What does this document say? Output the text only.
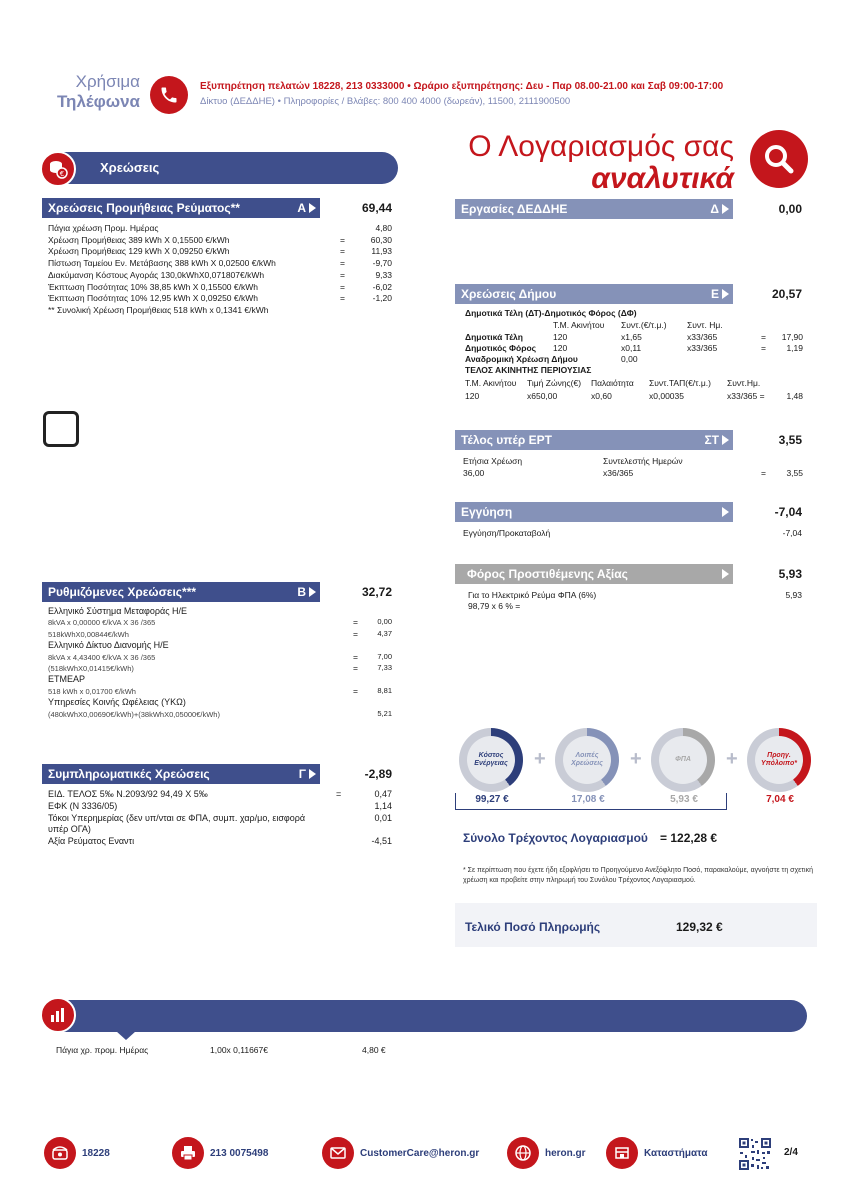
Χρήσιμα
Τηλέφωνα
Εξυπηρέτηση πελατών 18228, 213 0333000 • Ωράριο εξυπηρέτησης: Δευ - Παρ 08.00-21.00 και Σαβ 09:00-17:00
Δίκτυο (ΔΕΔΔΗΕ) • Πληροφορίες / Βλάβες: 800 400 4000 (δωρεάν), 11500, 2111900500
Ο Λογαριασμός σας
αναλυτικά
Χρεώσεις
€
Χρεώσεις Προμήθειας Ρεύματος**	Α	69,44
Πάγια χρέωση Προμ. Ημέρας	4,80
Χρέωση Προμήθειας 389 kWh X 0,15500 €/kWh	=	60,30
Χρέωση Προμήθειας 129 kWh X 0,09250 €/kWh	=	11,93
Πίστωση Ταμείου Εν. Μετάβασης 388 kWh X 0,02500 €/kWh	=	-9,70
Διακύμανση Κόστους Αγοράς 130,0kWhX0,071807€/kWh	=	9,33
Έκπτωση Ποσότητας 10% 38,85 kWh X 0,15500 €/kWh	=	-6,02
Έκπτωση Ποσότητας 10% 12,95 kWh X 0,09250 €/kWh	=	-1,20
** Συνολική Χρέωση Προμήθειας 518 kWh x 0,1341 €/kWh
Ρυθμιζόμενες Χρεώσεις***	Β	32,72
Ελληνικό Σύστημα Μεταφοράς Η/Ε
8kVA x 0,00000 €/kVA X 36 /365	=	0,00
518kWhX0,00844€/kWh	=	4,37
Ελληνικό Δίκτυο Διανομής Η/Ε
8kVA x 4,43400 €/kVA X 36 /365	=	7,00
(518kWhX0,01415€/kWh)	=	7,33
ΕΤΜΕΑΡ
518 kWh x 0,01700 €/kWh	=	8,81
Υπηρεσίες Κοινής Ωφέλειας (ΥΚΩ)
(480kWhX0,00690€/kWh)+(38kWhX0,05000€/kWh)	5,21
Συμπληρωματικές Χρεώσεις	Γ	-2,89
ΕΙΔ. ΤΕΛΟΣ 5‰ Ν.2093/92 94,49 X 5‰	=	0,47
ΕΦΚ (Ν 3336/05)	1,14
Τόκοι Υπερημερίας (δεν υπ/νται σε ΦΠΑ, συμπ. χαρ/μο, εισφορά	0,01
υπέρ ΟΓΑ)
Αξία Ρεύματος Εναντι	-4,51
Εργασίες ΔΕΔΔΗΕ	Δ	0,00
Χρεώσεις Δήμου	Ε	20,57
Δημοτικά Τέλη (ΔΤ)-Δημοτικός Φόρος (ΔΦ)
Τ.Μ. Ακινήτου Συντ.(€/τ.μ.) Συντ. Ημ.
Δημοτικά Τέλη	120	x1,65	x33/365	= 17,90
Δημοτικός Φόρος 120	x0,11	x33/365	= 1,19
Αναδρομική Χρέωση Δήμου	0,00
ΤΕΛΟΣ ΑΚΙΝΗΤΗΣ ΠΕΡΙΟΥΣΙΑΣ
Τ.Μ. Ακινήτου Τιμή Ζώνης(€) Παλαιότητα Συντ.ΤΑΠ(€/τ.μ.) Συντ.Ημ.
120	x650,00	x0,60	x0,00035	x33/365 =	1,48
Τέλος υπέρ ΕΡΤ	ΣΤ	3,55
Ετήσια Χρέωση	Συντελεστής Ημερών
36,00	x36/365	= 3,55
Εγγύηση	-7,04
Εγγύηση/Προκαταβολή	-7,04
Φόρος Προστιθέμενης Αξίας	5,93
Για το Ηλεκτρικό Ρεύμα ΦΠΑ (6%)
98,79 x 6 % =
5,93
Κόστος Ενέργειας	+	Λοιπές Χρεώσεις	+	ΦΠΑ	+	Προηγ. Υπόλοιπο*
99,27 €	17,08 €	5,93 €	7,04 €
Σύνολο Τρέχοντος Λογαριασμού = 122,28 €
* Σε περίπτωση που έχετε ήδη εξοφλήσει το Προηγούμενο Ανεξόφλητο Ποσό, παρακαλούμε, αγνοήστε τη σχετική χρέωση και προβείτε στην πληρωμή του Συνόλου Τρέχοντος Λογαριασμού.
Τελικό Ποσό Πληρωμής	129,32 €
Πάγια χρ. προμ. Ημέρας	1,00x 0,11667€	4,80 €
18228	213 0075498	CustomerCare@heron.gr	heron.gr	Καταστήματα	2/4
